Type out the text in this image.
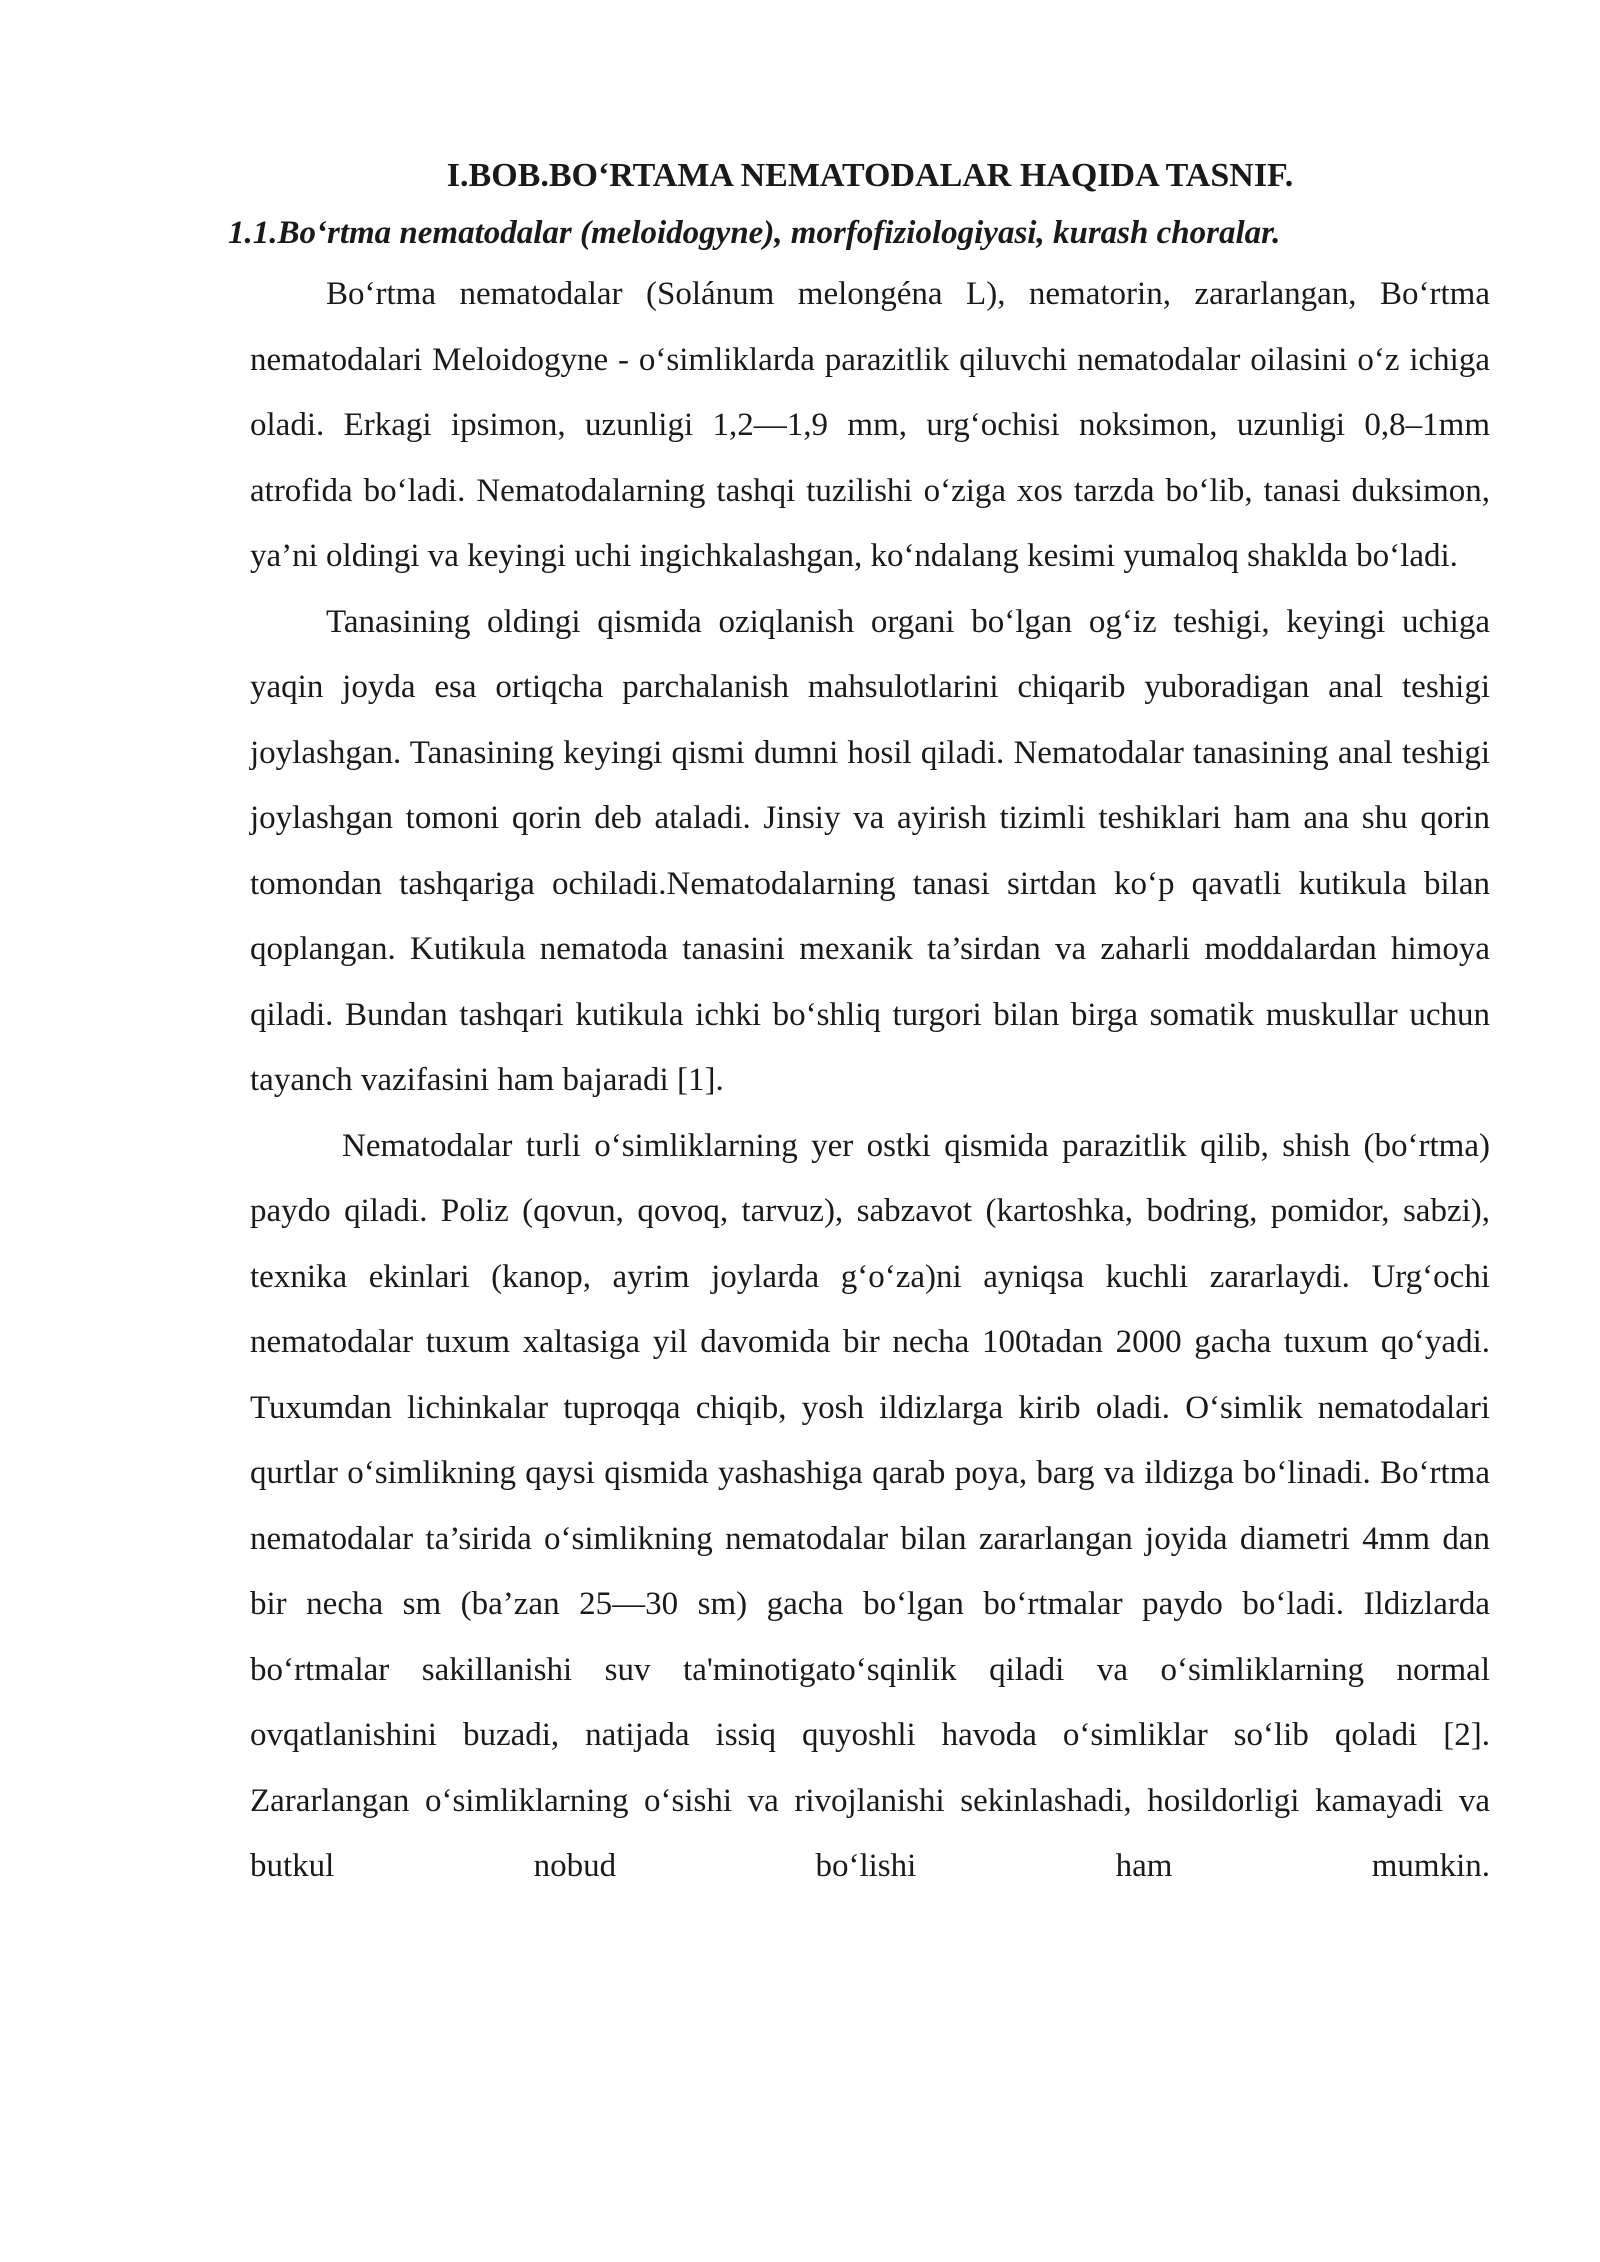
I.BOB.BO‘RTAMA NEMATODALAR HAQIDA TASNIF.
1.1.Bo‘rtma nematodalar (meloidogyne), morfofiziologiyasi, kurash choralar.

Bo‘rtma nematodalar (Solánum melongéna L), nematorin, zararlangan, Bo‘rtma nematodalari Meloidogyne - o‘simliklarda parazitlik qiluvchi nematodalar oilasini o‘z ichiga oladi. Erkagi ipsimon, uzunligi 1,2—1,9 mm, urg‘ochisi noksimon, uzunligi 0,8–1mm atrofida bo‘ladi. Nematodalarning tashqi tuzilishi o‘ziga xos tarzda bo‘lib, tanasi duksimon, ya’ni oldingi va keyingi uchi ingichkalashgan, ko‘ndalang kesimi yumaloq shaklda bo‘ladi.

Tanasining oldingi qismida oziqlanish organi bo‘lgan og‘iz teshigi, keyingi uchiga yaqin joyda esa ortiqcha parchalanish mahsulotlarini chiqarib yuboradigan anal teshigi joylashgan. Tanasining keyingi qismi dumni hosil qiladi. Nematodalar tanasining anal teshigi joylashgan tomoni qorin deb ataladi. Jinsiy va ayirish tizimli teshiklari ham ana shu qorin tomondan tashqariga ochiladi.Nematodalarning tanasi sirtdan ko‘p qavatli kutikula bilan qoplangan. Kutikula nematoda tanasini mexanik ta’sirdan va zaharli moddalardan himoya qiladi. Bundan tashqari kutikula ichki bo‘shliq turgori bilan birga somatik muskullar uchun tayanch vazifasini ham bajaradi [1].

Nematodalar turli o‘simliklarning yer ostki qismida parazitlik qilib, shish (bo‘rtma) paydo qiladi. Poliz (qovun, qovoq, tarvuz), sabzavot (kartoshka, bodring, pomidor, sabzi), texnika ekinlari (kanop, ayrim joylarda g‘o‘za)ni ayniqsa kuchli zararlaydi. Urg‘ochi nematodalar tuxum xaltasiga yil davomida bir necha 100tadan 2000 gacha tuxum qo‘yadi. Tuxumdan lichinkalar tuproqqa chiqib, yosh ildizlarga kirib oladi. O‘simlik nematodalari qurtlar o‘simlikning qaysi qismida yashashiga qarab poya, barg va ildizga bo‘linadi. Bo‘rtma nematodalar ta’sirida o‘simlikning nematodalar bilan zararlangan joyida diametri 4mm dan bir necha sm (ba’zan 25—30 sm) gacha bo‘lgan bo‘rtmalar paydo bo‘ladi. Ildizlarda bo‘rtmalar sakillanishi suv ta'minotigato‘sqinlik qiladi va o‘simliklarning normal ovqatlanishini buzadi, natijada issiq quyoshli havoda o‘simliklar so‘lib qoladi [2]. Zararlangan o‘simliklarning o‘sishi va rivojlanishi sekinlashadi, hosildorligi kamayadi va butkul nobud bo‘lishi ham mumkin.
